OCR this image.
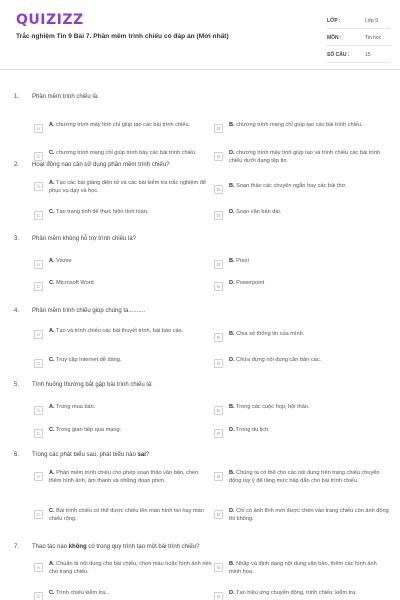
QUIZIZZ
Trắc nghiệm Tin 9 Bài 7. Phần mềm trình chiếu có đáp án (Mới nhất)
LỚP :	Lớp 9
MÔN :	Tin học
SỐ CÂU :	15
1.	Phần mềm trình chiếu là:
A
A. chương trình máy tính chỉ giúp tạo các bài trình chiếu.
B
B. chương trình mạng chỉ giúp tạo các bài trình chiếu.
C
C. chương trình mạng chỉ giúp trình bày các bài trình chiếu.
D
D. chương trình máy tính giúp tạo và trình chiếu các bài trình chiếu dưới dạng tệp tin.
2.	Hoạt động nào cần sử dụng phần mềm trình chiếu?
A
A. Tạo các bài giảng điện tử và các bài kiểm tra trắc nghiệm để phục vụ dạy và học.	B
B. Soạn thảo các chuyện ngắn hay các bài thơ.
C
C. Tạo trang tính để thực hiện tính toán.
D
D. Soạn văn bản dài.
3.	Phần mềm không hỗ trợ trình chiếu là?
A
A. Visme
B
B. Prezi
C
C. Microsoft Word
D
D. Powerpoint
4.	Phần mềm trình chiếu giúp chúng ta..........
A
A. Tạo và trình chiếu các bài thuyết trình, bài báo cáo.
B
B. Chia sẻ thông tin của mình.
C
C. Truy cập Internet dễ dàng.
D
D. Chứa đựng nội dung căn bản các.
5.	Tình huống thường bắt gặp bài trình chiếu là:
A
A. Trong mua bán.
B
B. Trong các cuộc họp, hội thảo.
C
C. Trong giao tiếp qua mạng.
D
D. Trong du lịch.
6.	Trong các phát biểu sau, phát biểu nào sai?
A
A. Phần mềm trình chiếu cho phép soạn thảo văn bản, chèn thêm hình ảnh, âm thanh và những đoạn phim.
B
B. Chúng ta có thể cho các nội dung trên trang chiếu chuyển động tùy ý để tăng mức hấp dẫn cho bài trình chiếu.
C
C. Bài trình chiếu có thể được chiếu lên màn hình tivi hay màn chiếu rộng.
D
D. Chỉ có ảnh tĩnh mới được chèn vào trang chiếu còn ảnh động thì không.
7.	Thao tác nào không có trong quy trình tạo một bài trình chiếu?
A
A. Chuẩn bị nội dung cho bài chiếu, chọn màu hoặc hình ảnh nền cho trang chiếu.
B
B. Nhập và định dạng nội dung văn bản, thêm các hình ảnh minh họa.
C
C. Trình chiếu kiểm tra...
D
D. Tạo hiệu ứng chuyển động, trình chiếu; kiểm tra,
